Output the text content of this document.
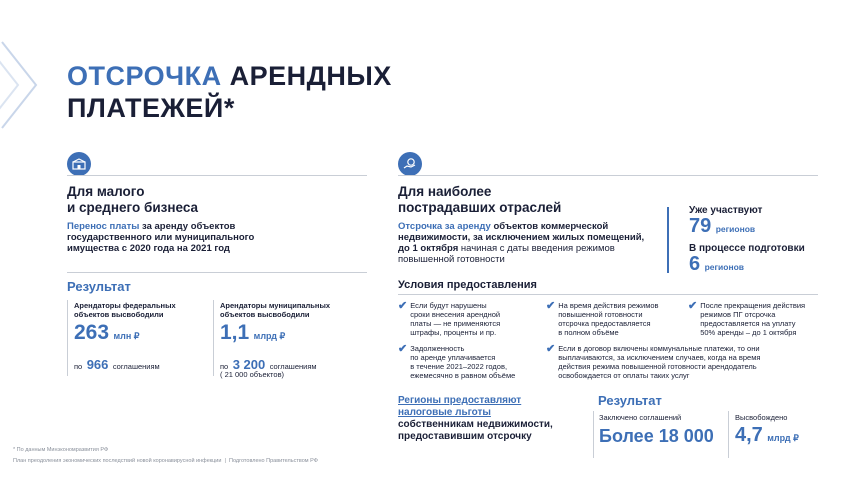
ОТСРОЧКА АРЕНДНЫХ
ПЛАТЕЖЕЙ*
Для малого
и среднего бизнеса
Перенос платы за аренду объектов
государственного или муниципального
имущества с 2020 года на 2021 год
Результат
Арендаторы федеральных
объектов высвободили
263 млн ₽
по 966 соглашениям
Арендаторы муниципальных
объектов высвободили
1,1 млрд ₽
по 3 200 соглашениям
( 21 000 объектов)
Для наиболее
пострадавших отраслей
Отсрочка за аренду объектов коммерческой
недвижимости, за исключением жилых помещений,
до 1 октября начиная с даты введения режимов
повышенной готовности
Уже участвуют
79 регионов
В процессе подготовки
6 регионов
Условия предоставления
✔ Если будут нарушены
сроки внесения арендной
платы — не применяются
штрафы, проценты и пр.
✔ На время действия режимов
повышенной готовности
отсрочка предоставляется
в полном объёме
✔ После прекращения действия
режимов ПГ отсрочка
предоставляется на уплату
50% аренды – до 1 октября
✔ Задолженность
по аренде уплачивается
в течение 2021–2022 годов,
ежемесячно в равном объёме
✔ Если в договор включены коммунальные платежи, то они
выплачиваются, за исключением случаев, когда на время
действия режима повышенной готовности арендодатель
освобождается от оплаты таких услуг
Регионы предоставляют
налоговые льготы
собственникам недвижимости,
предоставившим отсрочку
Результат
Заключено соглашений
Более 18 000
Высвобождено
4,7 млрд ₽
* По данным Минэкономразвития РФ
План преодоления экономических последствий новой коронавирусной инфекции  |  Подготовлено Правительством РФ
